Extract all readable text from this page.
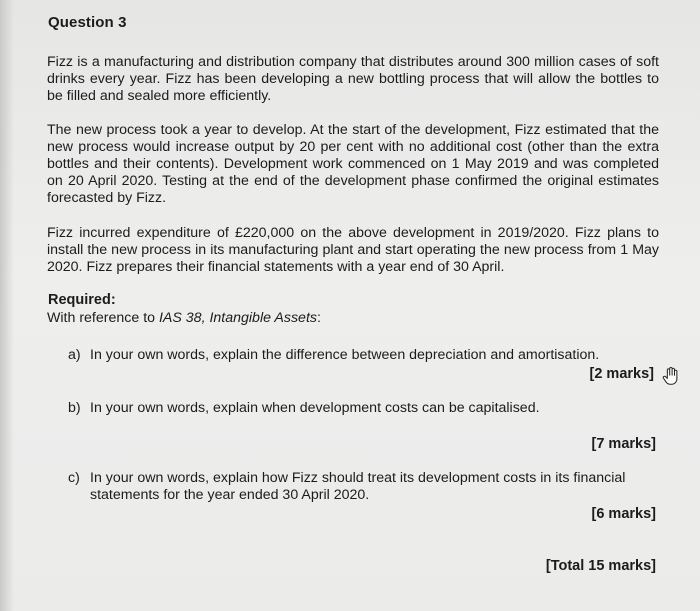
Question 3
Fizz is a manufacturing and distribution company that distributes around 300 million cases of soft drinks every year. Fizz has been developing a new bottling process that will allow the bottles to be filled and sealed more efficiently.
The new process took a year to develop. At the start of the development, Fizz estimated that the new process would increase output by 20 per cent with no additional cost (other than the extra bottles and their contents). Development work commenced on 1 May 2019 and was completed on 20 April 2020. Testing at the end of the development phase confirmed the original estimates forecasted by Fizz.
Fizz incurred expenditure of £220,000 on the above development in 2019/2020. Fizz plans to install the new process in its manufacturing plant and start operating the new process from 1 May 2020. Fizz prepares their financial statements with a year end of 30 April.
Required:
With reference to IAS 38, Intangible Assets:
a) In your own words, explain the difference between depreciation and amortisation.
[2 marks]
b) In your own words, explain when development costs can be capitalised.
[7 marks]
c) In your own words, explain how Fizz should treat its development costs in its financial statements for the year ended 30 April 2020.
[6 marks]
[Total 15 marks]
